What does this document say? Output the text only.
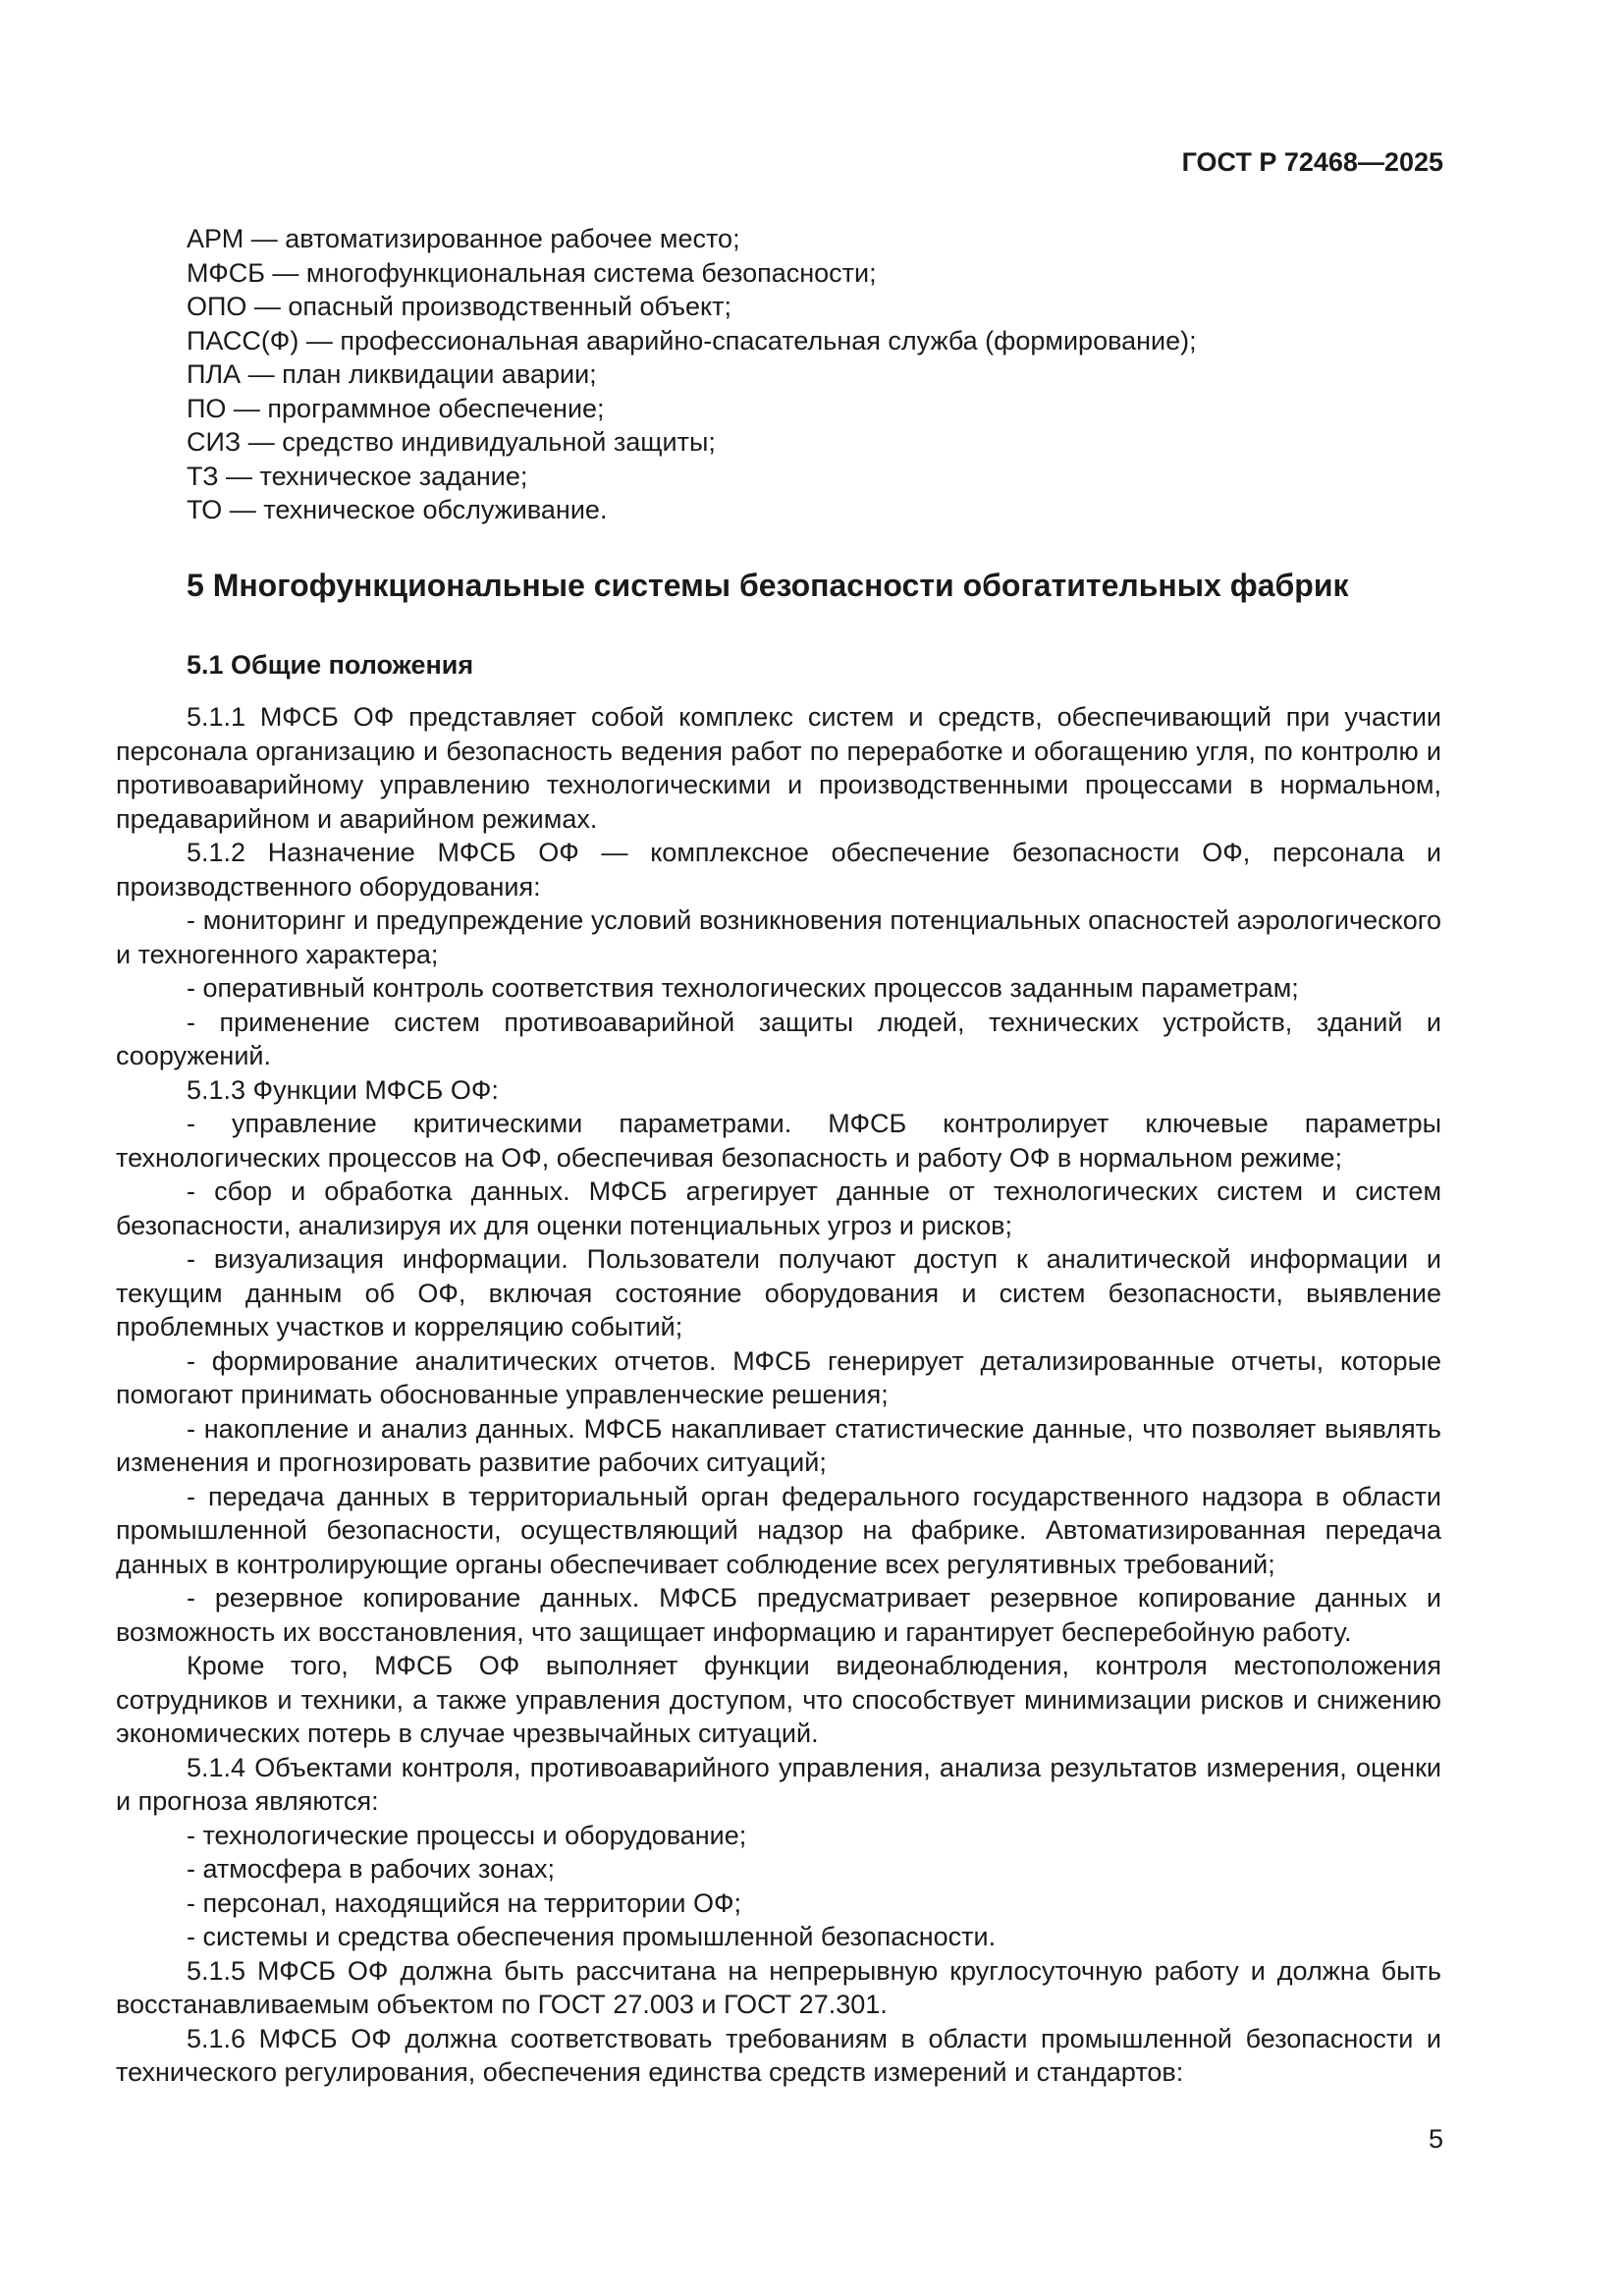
ГОСТ Р 72468—2025
АРМ — автоматизированное рабочее место;
МФСБ — многофункциональная система безопасности;
ОПО — опасный производственный объект;
ПАСС(Ф) — профессиональная аварийно-спасательная служба (формирование);
ПЛА — план ликвидации аварии;
ПО — программное обеспечение;
СИЗ — средство индивидуальной защиты;
ТЗ — техническое задание;
ТО — техническое обслуживание.
5 Многофункциональные системы безопасности обогатительных фабрик
5.1 Общие положения
5.1.1 МФСБ ОФ представляет собой комплекс систем и средств, обеспечивающий при участии персонала организацию и безопасность ведения работ по переработке и обогащению угля, по контролю и противоаварийному управлению технологическими и производственными процессами в нормальном, предаварийном и аварийном режимах.
5.1.2 Назначение МФСБ ОФ — комплексное обеспечение безопасности ОФ, персонала и производственного оборудования:
- мониторинг и предупреждение условий возникновения потенциальных опасностей аэрологического и техногенного характера;
- оперативный контроль соответствия технологических процессов заданным параметрам;
- применение систем противоаварийной защиты людей, технических устройств, зданий и сооружений.
5.1.3 Функции МФСБ ОФ:
- управление критическими параметрами. МФСБ контролирует ключевые параметры технологических процессов на ОФ, обеспечивая безопасность и работу ОФ в нормальном режиме;
- сбор и обработка данных. МФСБ агрегирует данные от технологических систем и систем безопасности, анализируя их для оценки потенциальных угроз и рисков;
- визуализация информации. Пользователи получают доступ к аналитической информации и текущим данным об ОФ, включая состояние оборудования и систем безопасности, выявление проблемных участков и корреляцию событий;
- формирование аналитических отчетов. МФСБ генерирует детализированные отчеты, которые помогают принимать обоснованные управленческие решения;
- накопление и анализ данных. МФСБ накапливает статистические данные, что позволяет выявлять изменения и прогнозировать развитие рабочих ситуаций;
- передача данных в территориальный орган федерального государственного надзора в области промышленной безопасности, осуществляющий надзор на фабрике. Автоматизированная передача данных в контролирующие органы обеспечивает соблюдение всех регулятивных требований;
- резервное копирование данных. МФСБ предусматривает резервное копирование данных и возможность их восстановления, что защищает информацию и гарантирует бесперебойную работу.
Кроме того, МФСБ ОФ выполняет функции видеонаблюдения, контроля местоположения сотрудников и техники, а также управления доступом, что способствует минимизации рисков и снижению экономических потерь в случае чрезвычайных ситуаций.
5.1.4 Объектами контроля, противоаварийного управления, анализа результатов измерения, оценки и прогноза являются:
- технологические процессы и оборудование;
- атмосфера в рабочих зонах;
- персонал, находящийся на территории ОФ;
- системы и средства обеспечения промышленной безопасности.
5.1.5 МФСБ ОФ должна быть рассчитана на непрерывную круглосуточную работу и должна быть восстанавливаемым объектом по ГОСТ 27.003 и ГОСТ 27.301.
5.1.6 МФСБ ОФ должна соответствовать требованиям в области промышленной безопасности и технического регулирования, обеспечения единства средств измерений и стандартов:
5
